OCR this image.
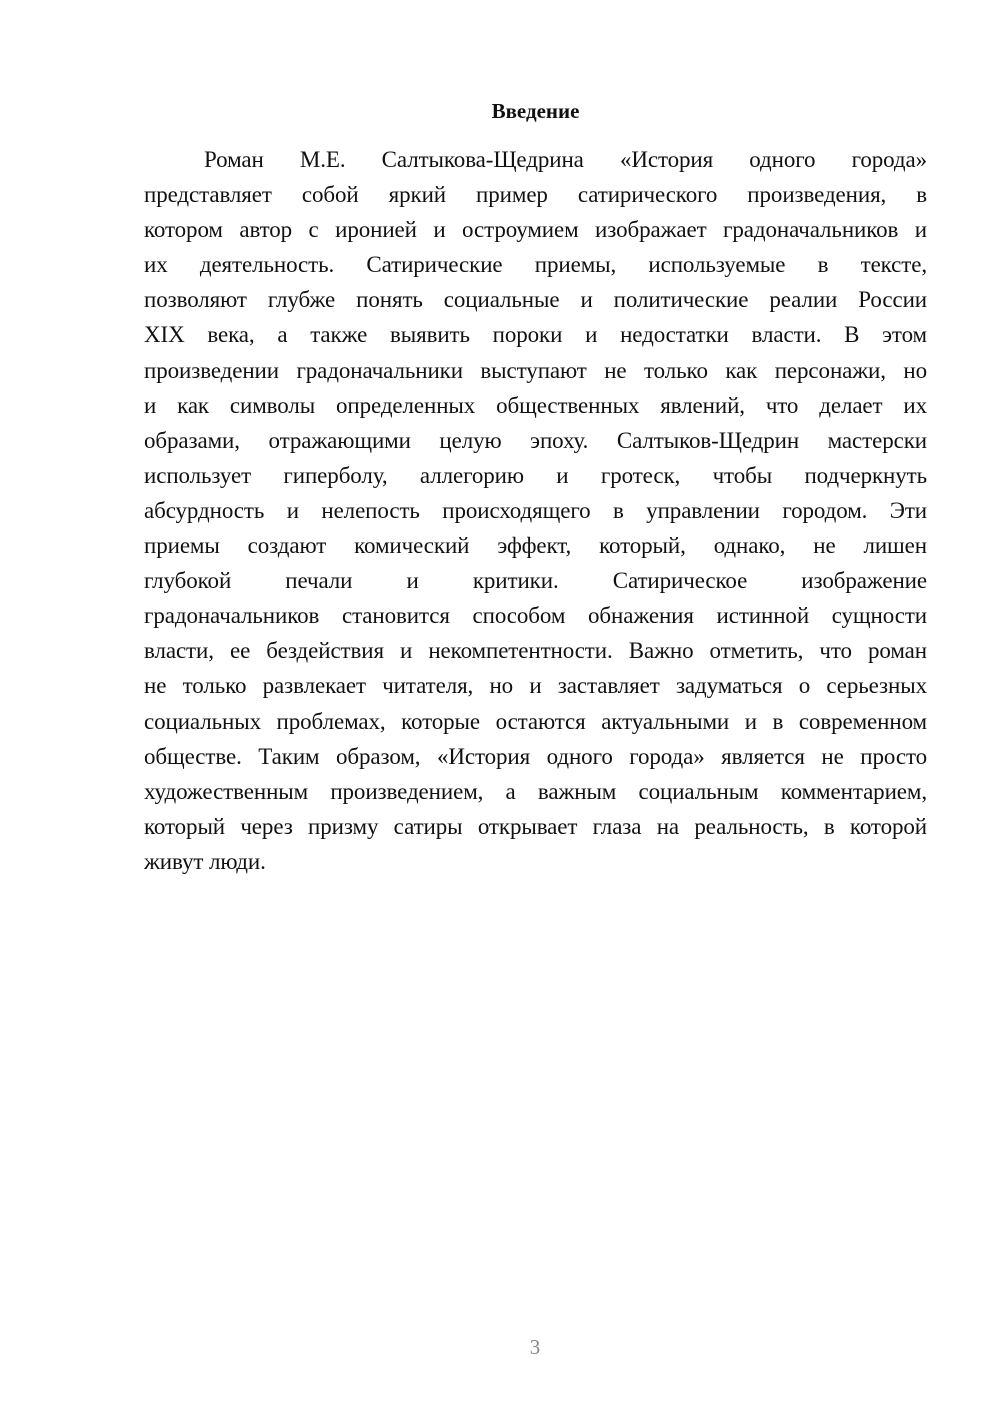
Введение
Роман М.Е. Салтыкова-Щедрина «История одного города»
представляет собой яркий пример сатирического произведения, в
котором автор с иронией и остроумием изображает градоначальников и
их деятельность. Сатирические приемы, используемые в тексте,
позволяют глубже понять социальные и политические реалии России
XIX века, а также выявить пороки и недостатки власти. В этом
произведении градоначальники выступают не только как персонажи, но
и как символы определенных общественных явлений, что делает их
образами, отражающими целую эпоху. Салтыков-Щедрин мастерски
использует гиперболу, аллегорию и гротеск, чтобы подчеркнуть
абсурдность и нелепость происходящего в управлении городом. Эти
приемы создают комический эффект, который, однако, не лишен
глубокой печали и критики. Сатирическое изображение
градоначальников становится способом обнажения истинной сущности
власти, ее бездействия и некомпетентности. Важно отметить, что роман
не только развлекает читателя, но и заставляет задуматься о серьезных
социальных проблемах, которые остаются актуальными и в современном
обществе. Таким образом, «История одного города» является не просто
художественным произведением, а важным социальным комментарием,
который через призму сатиры открывает глаза на реальность, в которой
живут люди.
3
